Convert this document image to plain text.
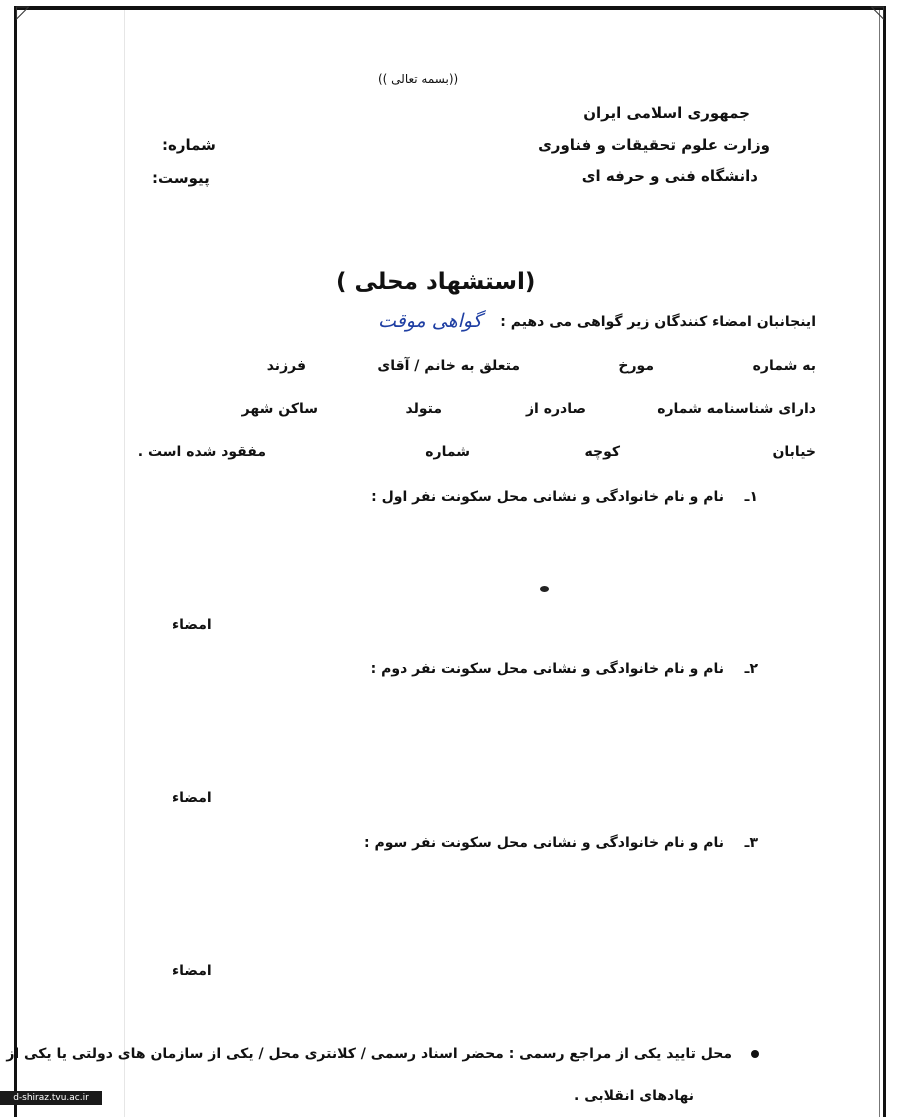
◸	◹
((بسمه تعالی ))
جمهوری اسلامی ایران
وزارت علوم تحقیقات و فناوری
دانشگاه فنی و حرفه ای
شماره:
پیوست:
(استشهاد محلی )
اینجانبان امضاء کنندگان زیر گواهی می دهیم :
گواهی موقت
به شماره
مورخ
متعلق به خانم / آقای
فرزند
دارای شناسنامه شماره
صادره از
متولد
ساکن شهر
خیابان
کوچه
شماره
مفقود شده است .
۱ـ
نام و نام خانوادگی و نشانی محل سکونت نفر اول :
امضاء
۲ـ
نام و نام خانوادگی و نشانی محل سکونت نفر دوم :
امضاء
۳ـ
نام و نام خانوادگی و نشانی محل سکونت نفر سوم :
امضاء
محل تایید یکی از مراجع رسمی : محضر اسناد رسمی / کلانتری محل / یکی از سازمان های دولتی یا یکی از
نهادهای انقلابی .
d-shiraz.tvu.ac.ir
